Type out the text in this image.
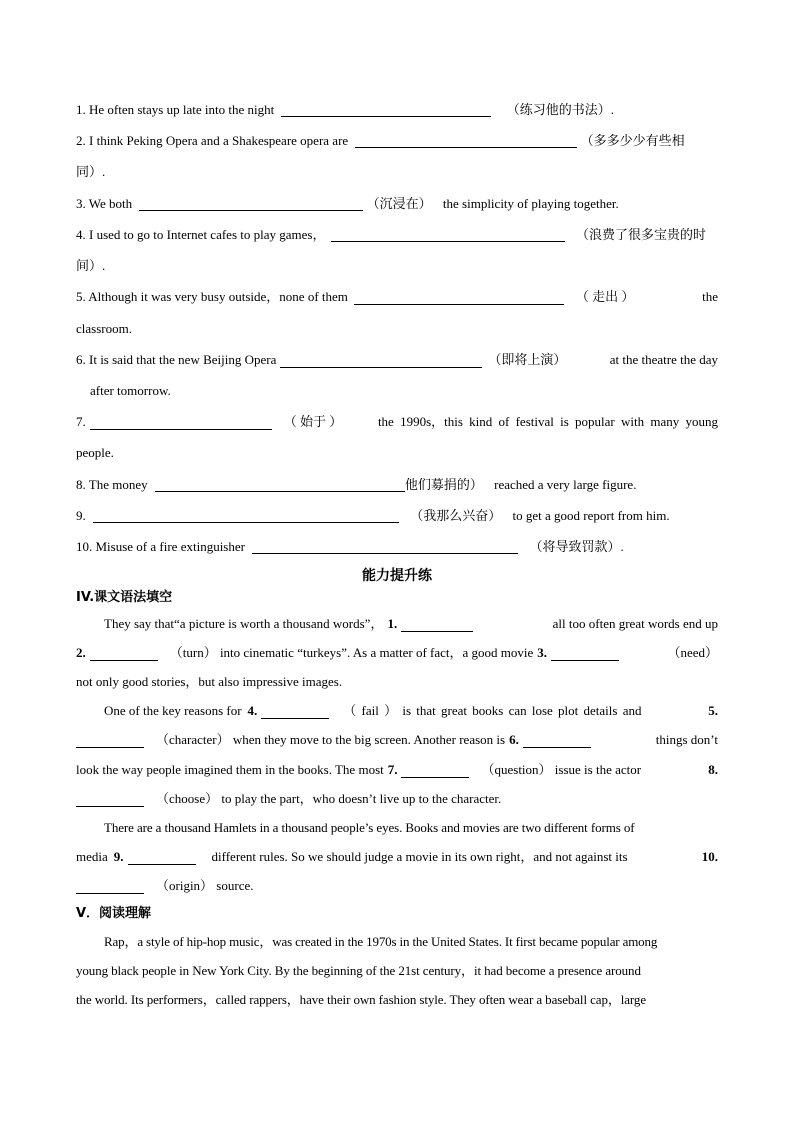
1. He often stays up late into the night	（练习他的书法）.
2. I think Peking Opera and a Shakespeare opera are	（多多少少有些相
同）.
3. We both	（沉浸在） the simplicity of playing together.
4. I used to go to Internet cafes to play games，	（浪费了很多宝贵的时
间）.
5. Although it was very busy outside，none of them	（ 走出 ）	the
classroom.
6. It is said that the new Beijing Opera	（即将上演）	at the theatre the day
after tomorrow.
7.	（ 始于 ）	the 1990s，this kind of festival is popular with many young
people.
8. The money	他们募捐的） reached a very large figure.
9.	（我那么兴奋） to get a good report from him.
10. Misuse of a fire extinguisher	（将导致罚款）.
能力提升练
IV.课文语法填空
They say that“a picture is worth a thousand words”， 1.	all too often great words end up
2.	（turn） into cinematic “turkeys”. As a matter of fact，a good movie 3.	（need）
not only good stories，but also impressive images.
One of the key reasons for 4.	（ fail ） is that great books can lose plot details and	5.
（character） when they move to the big screen. Another reason is 6.	things don’t
look the way people imagined them in the books. The most 7.	（question） issue is the actor	8.
（choose） to play the part，who doesn’t live up to the character.
There are a thousand Hamlets in a thousand people’s eyes. Books and movies are two different forms of
media 9.	different rules. So we should judge a movie in its own right，and not against its	10.
（origin） source.
V．阅读理解
Rap，a style of hip-hop music，was created in the 1970s in the United States. It first became popular among
young black people in New York City. By the beginning of the 21st century，it had become a presence around
the world. Its performers，called rappers，have their own fashion style. They often wear a baseball cap，large
